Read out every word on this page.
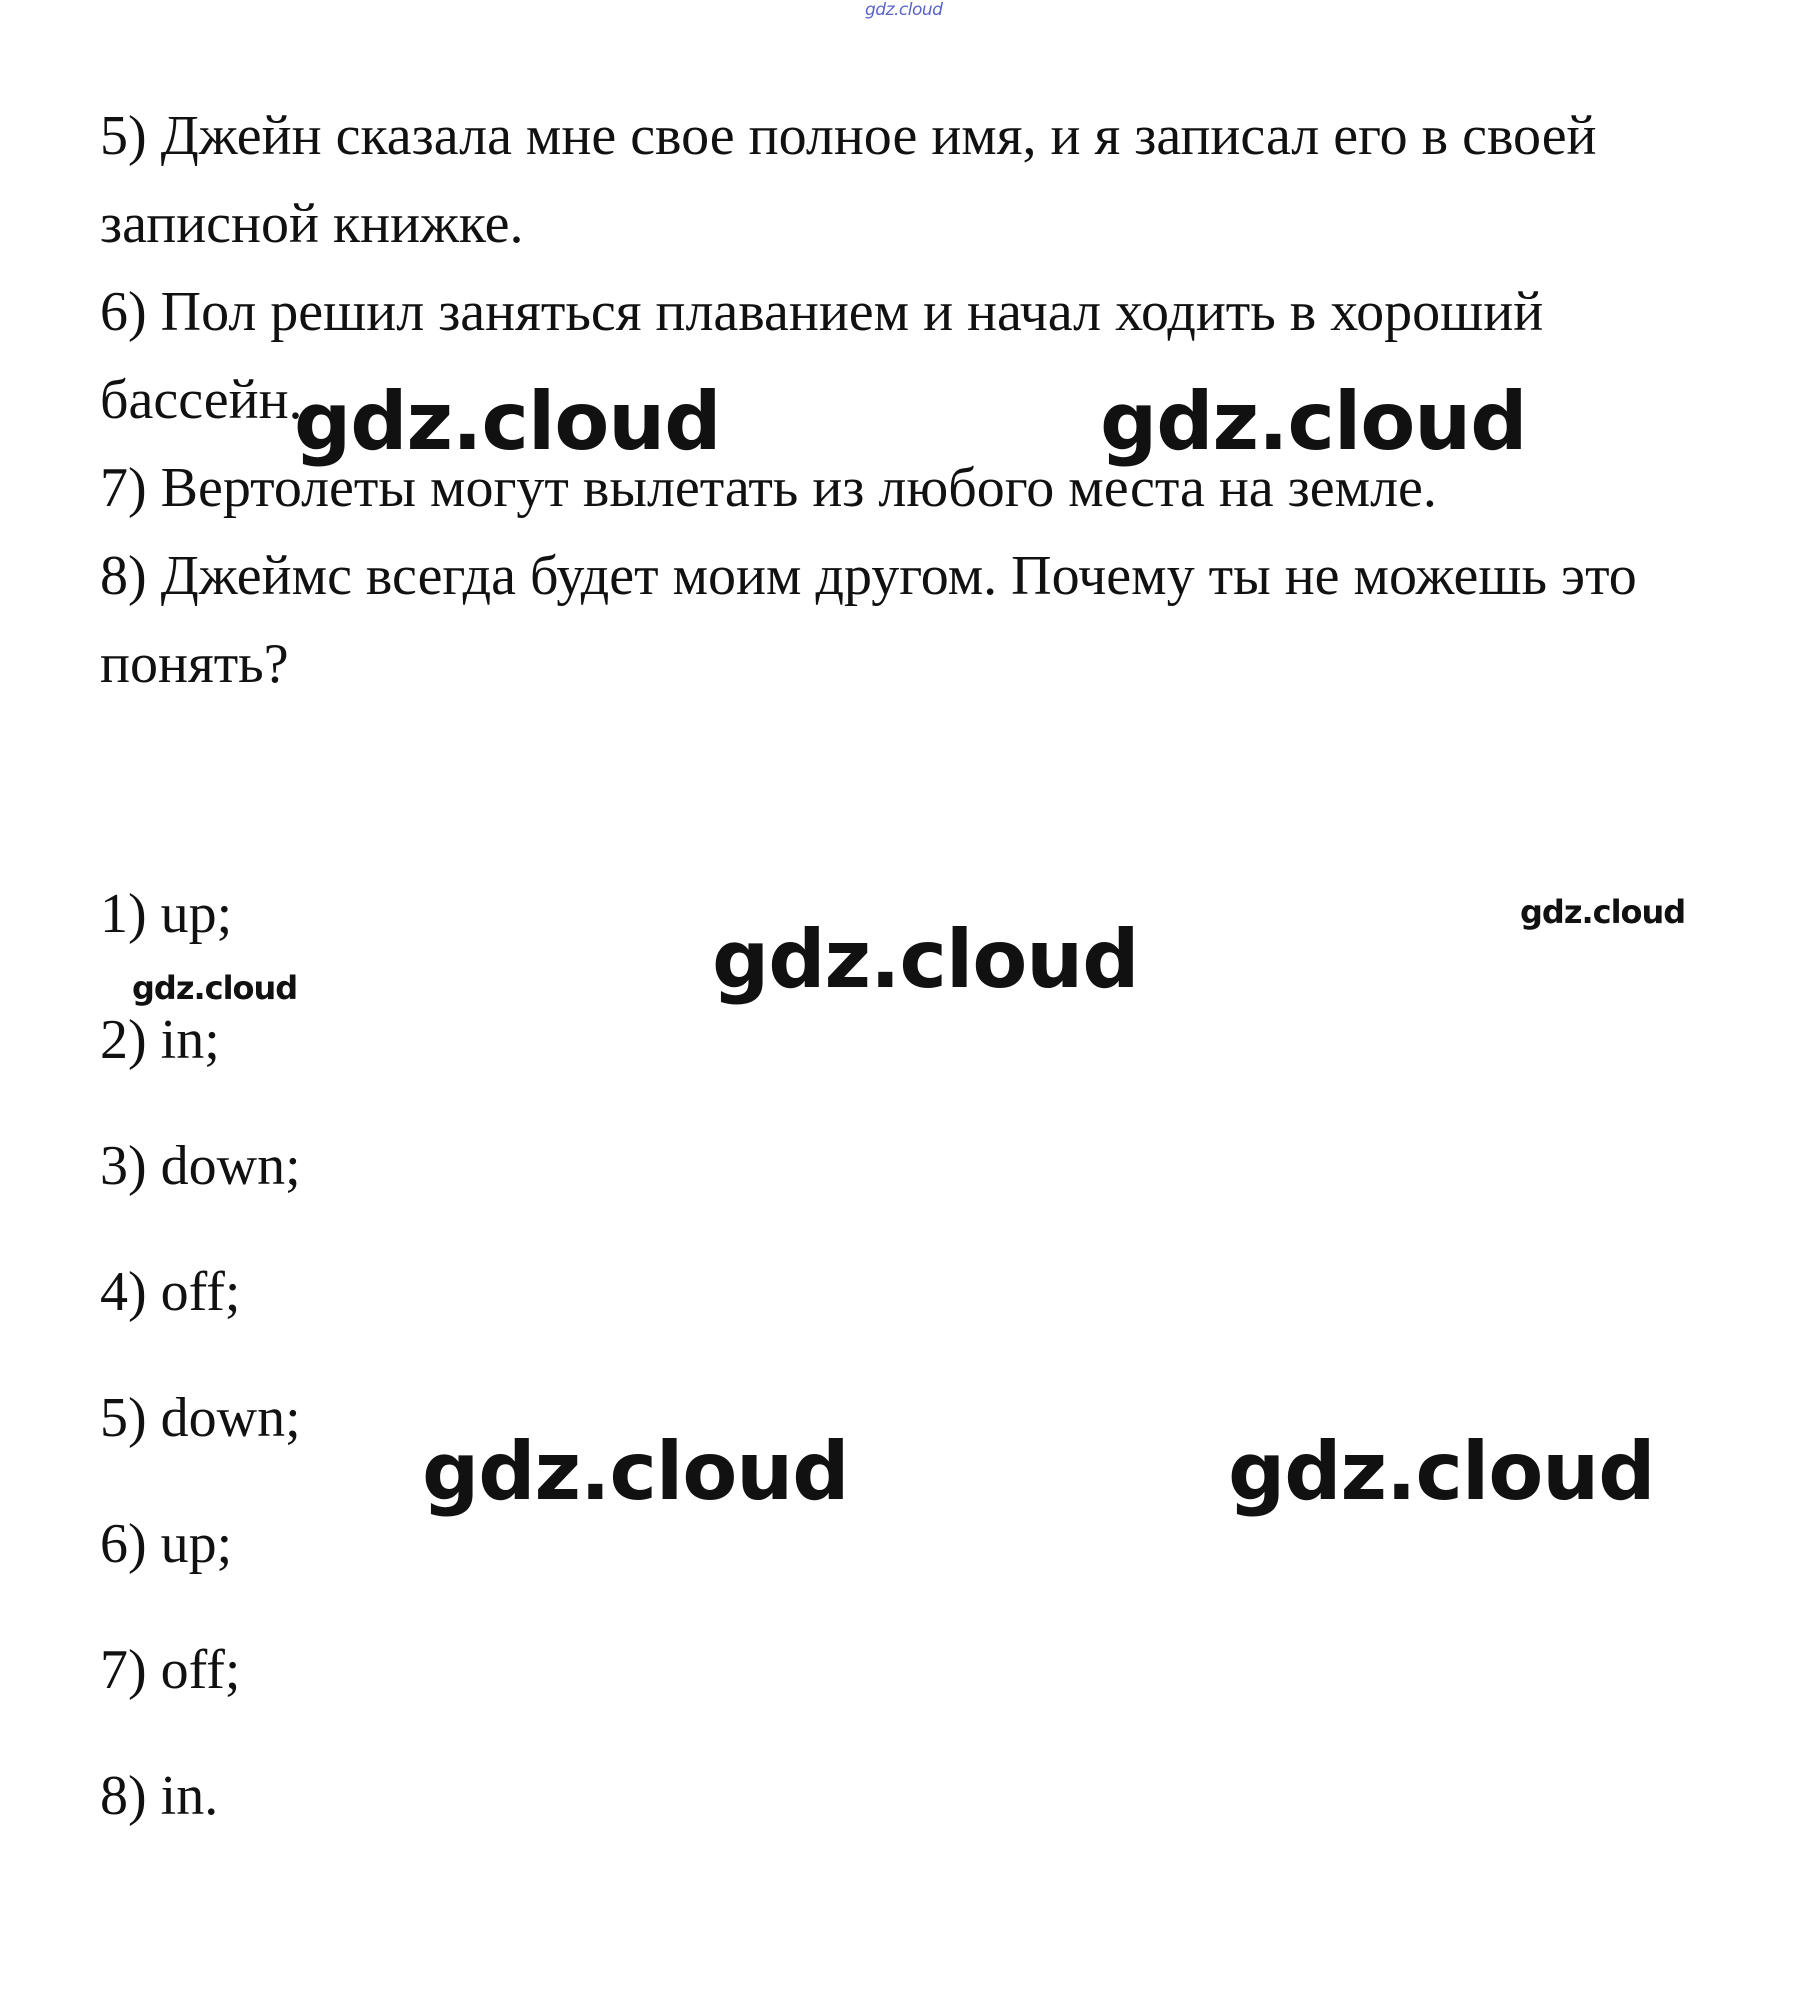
gdz.cloud

5) Джейн сказала мне свое полное имя, и я записал его в своей записной книжке.

6) Пол решил заняться плаванием и начал ходить в хороший бассейн.

7) Вертолеты могут вылетать из любого места на земле.

8) Джеймс всегда будет моим другом. Почему ты не можешь это понять?

1) up;

2) in;

3) down;

4) off;

5) down;

6) up;

7) off;

8) in.

gdz.cloud	gdz.cloud
gdz.cloud
gdz.cloud
gdz.cloud
gdz.cloud	gdz.cloud
